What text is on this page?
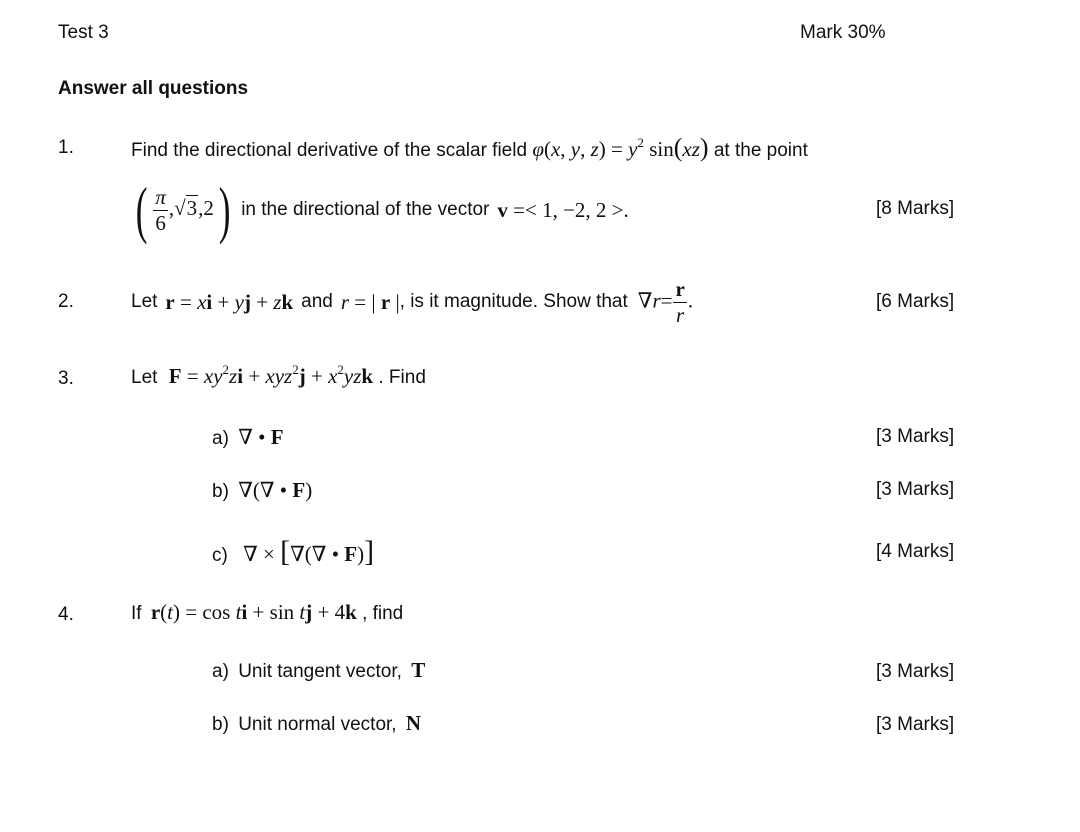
Test 3	Mark 30%
Answer all questions
1.	Find the directional derivative of the scalar field φ(x, y, $z) = y^2$ sin(xz) at the point
( $\frac{\pi}{6} ,√3,2$) in the directional of the vector v =< 1, −2, 2 >.	[8 Marks]
2.	Let r = xi + yj + zk and r = | r | , is it magnitude. Show that $\nabla r= \frac{r}{r}$ .	[6 Marks]
3.	Let $F = xy^2zi + xyz^2j + x^2yzk$ . Find
a) ∇ • F	[3 Marks]
b) ∇(∇ • F)	[3 Marks]
c) ∇ × [∇(∇ • F)]	[4 Marks]
4.	If r(t) = cos ti + sin tj + 4k , find
a) Unit tangent vector, T	[3 Marks]
b) Unit normal vector, N	[3 Marks]
